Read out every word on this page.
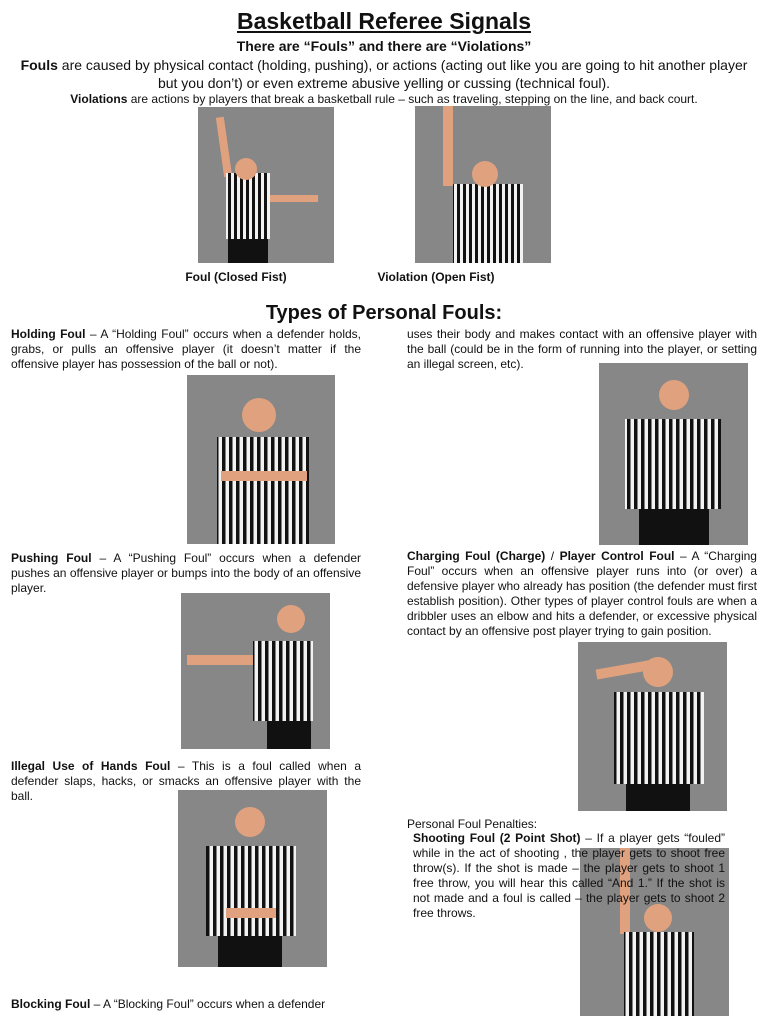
Basketball Referee Signals
There are “Fouls” and there are “Violations”
Fouls are caused by physical contact (holding, pushing), or actions (acting out like you are going to hit another player but you don’t) or even extreme abusive yelling or cussing (technical foul).
Violations are actions by players that break a basketball rule – such as traveling, stepping on the line, and back court.
Foul (Closed Fist)	Violation (Open Fist)
Types of Personal Fouls:
Holding Foul – A “Holding Foul” occurs when a defender holds, grabs, or pulls an offensive player (it doesn’t matter if the offensive player has possession of the ball or not).
Pushing Foul – A “Pushing Foul” occurs when a defender pushes an offensive player or bumps into the body of an offensive player.
Illegal Use of Hands Foul – This is a foul called when a defender slaps, hacks, or smacks an offensive player with the ball.
Blocking Foul – A “Blocking Foul” occurs when a defender
uses their body and makes contact with an offensive player with the ball (could be in the form of running into the player, or setting an illegal screen, etc).
Charging Foul (Charge) / Player Control Foul – A “Charging Foul” occurs when an offensive player runs into (or over) a defensive player who already has position (the defender must first establish position). Other types of player control fouls are when a dribbler uses an elbow and hits a defender, or excessive physical contact by an offensive post player trying to gain position.
Personal Foul Penalties:
Shooting Foul (2 Point Shot) – If a player gets “fouled” while in the act of shooting , the player gets to shoot free throw(s). If the shot is made – the player gets to shoot 1 free throw, you will hear this called “And 1.” If the shot is not made and a foul is called – the player gets to shoot 2 free throws.
